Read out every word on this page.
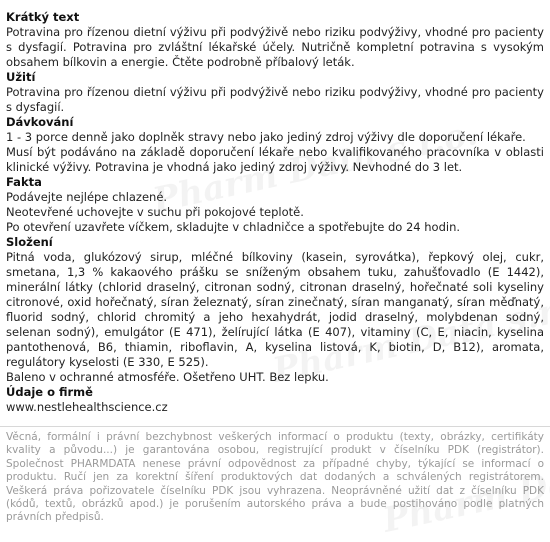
Krátký text

Potravina pro řízenou dietní výživu při podvýživě nebo riziku podvýživy, vhodné pro pacienty s dysfagií. Potravina pro zvláštní lékařské účely. Nutričně kompletní potravina s vysokým obsahem bílkovin a energie. Čtěte podrobně příbalový leták.

Užití

Potravina pro řízenou dietní výživu při podvýživě nebo riziku podvýživy, vhodné pro pacienty s dysfagií.

Dávkování

1 - 3 porce denně jako doplněk stravy nebo jako jediný zdroj výživy dle doporučení lékaře.

Musí být podáváno na základě doporučení lékaře nebo kvalifikovaného pracovníka v oblasti klinické výživy. Potravina je vhodná jako jediný zdroj výživy. Nevhodné do 3 let.

Fakta

Podávejte nejlépe chlazené.

Neotevřené uchovejte v suchu při pokojové teplotě.

Po otevření uzavřete víčkem, skladujte v chladničce a spotřebujte do 24 hodin.

Složení

Pitná voda, glukózový sirup, mléčné bílkoviny (kasein, syrovátka), řepkový olej, cukr, smetana, 1,3 % kakaového prášku se sníženým obsahem tuku, zahušťovadlo (E 1442), minerální látky (chlorid draselný, citronan sodný, citronan draselný, hořečnaté soli kyseliny citronové, oxid hořečnatý, síran železnatý, síran zinečnatý, síran manganatý, síran měďnatý, fluorid sodný, chlorid chromitý a jeho hexahydrát, jodid draselný, molybdenan sodný, selenan sodný), emulgátor (E 471), želírující látka (E 407), vitaminy (C, E, niacin, kyselina pantothenová, B6, thiamin, riboflavin, A, kyselina listová, K, biotin, D, B12), aromata, regulátory kyselosti (E 330, E 525).

Baleno v ochranné atmosféře. Ošetřeno UHT. Bez lepku.

Údaje o firmě

www.nestlehealthscience.cz

Věcná, formální i právní bezchybnost veškerých informací o produktu (texty, obrázky, certifikáty kvality a původu...) je garantována osobou, registrující produkt v číselníku PDK (registrátor). Společnost PHARMDATA nenese právní odpovědnost za případné chyby, týkající se informací o produktu. Ručí jen za korektní šíření produktových dat dodaných a schválených registrátorem. Veškerá práva pořizovatele číselníku PDK jsou vyhrazena. Neoprávněné užití dat z číselníku PDK (kódů, textů, obrázků apod.) je porušením autorského práva a bude postihováno podle platných právních předpisů.
